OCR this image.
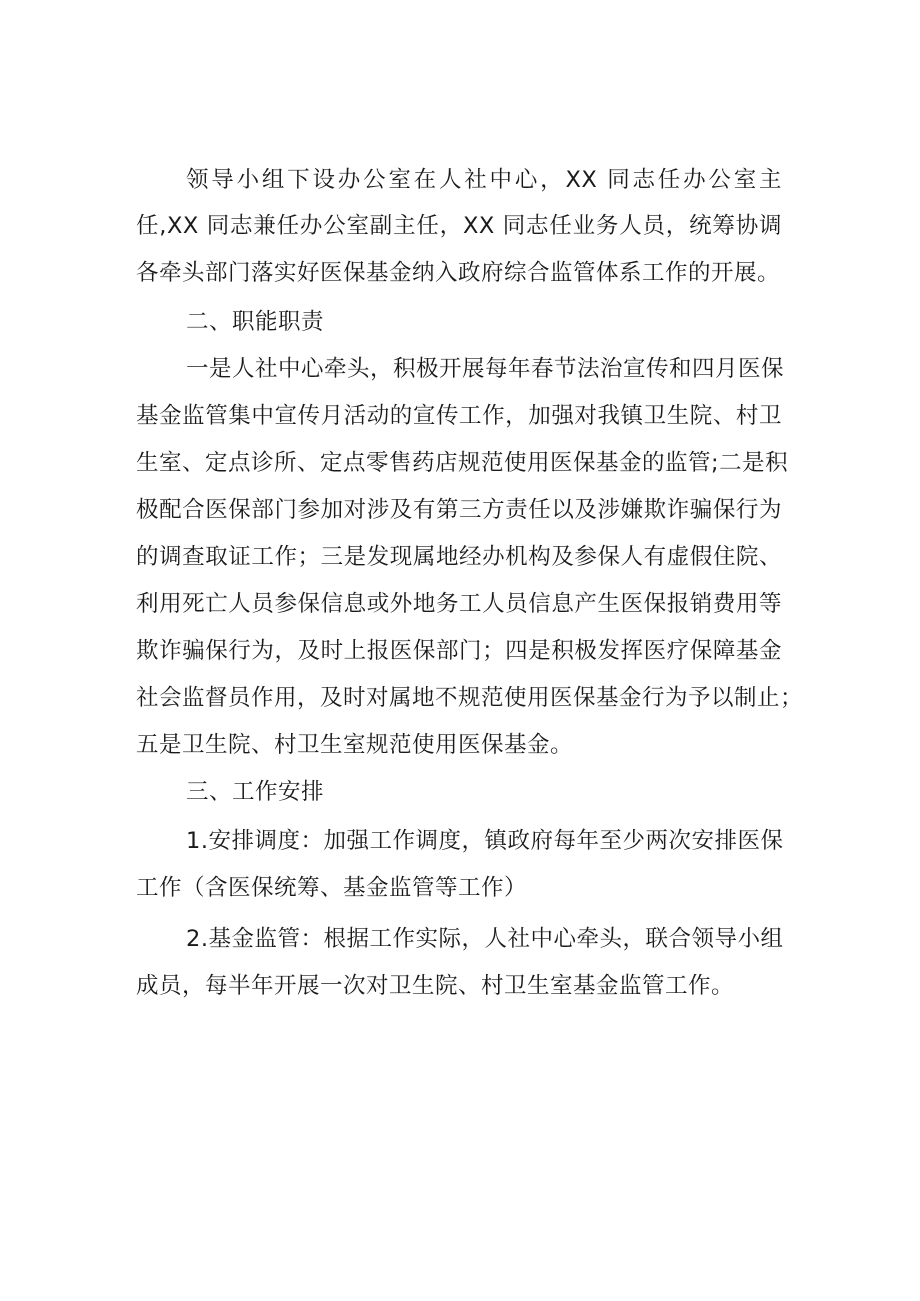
领导小组下设办公室在人社中心，XX 同志任办公室主
任,XX 同志兼任办公室副主任，XX 同志任业务人员，统筹协调
各牵头部门落实好医保基金纳入政府综合监管体系工作的开展。
二、职能职责
一是人社中心牵头，积极开展每年春节法治宣传和四月医保
基金监管集中宣传月活动的宣传工作，加强对我镇卫生院、村卫
生室、定点诊所、定点零售药店规范使用医保基金的监管;二是积
极配合医保部门参加对涉及有第三方责任以及涉嫌欺诈骗保行为
的调查取证工作；三是发现属地经办机构及参保人有虚假住院、
利用死亡人员参保信息或外地务工人员信息产生医保报销费用等
欺诈骗保行为，及时上报医保部门；四是积极发挥医疗保障基金
社会监督员作用，及时对属地不规范使用医保基金行为予以制止；
五是卫生院、村卫生室规范使用医保基金。
三、工作安排
1.安排调度：加强工作调度，镇政府每年至少两次安排医保
工作（含医保统筹、基金监管等工作）
2.基金监管：根据工作实际，人社中心牵头，联合领导小组
成员，每半年开展一次对卫生院、村卫生室基金监管工作。
